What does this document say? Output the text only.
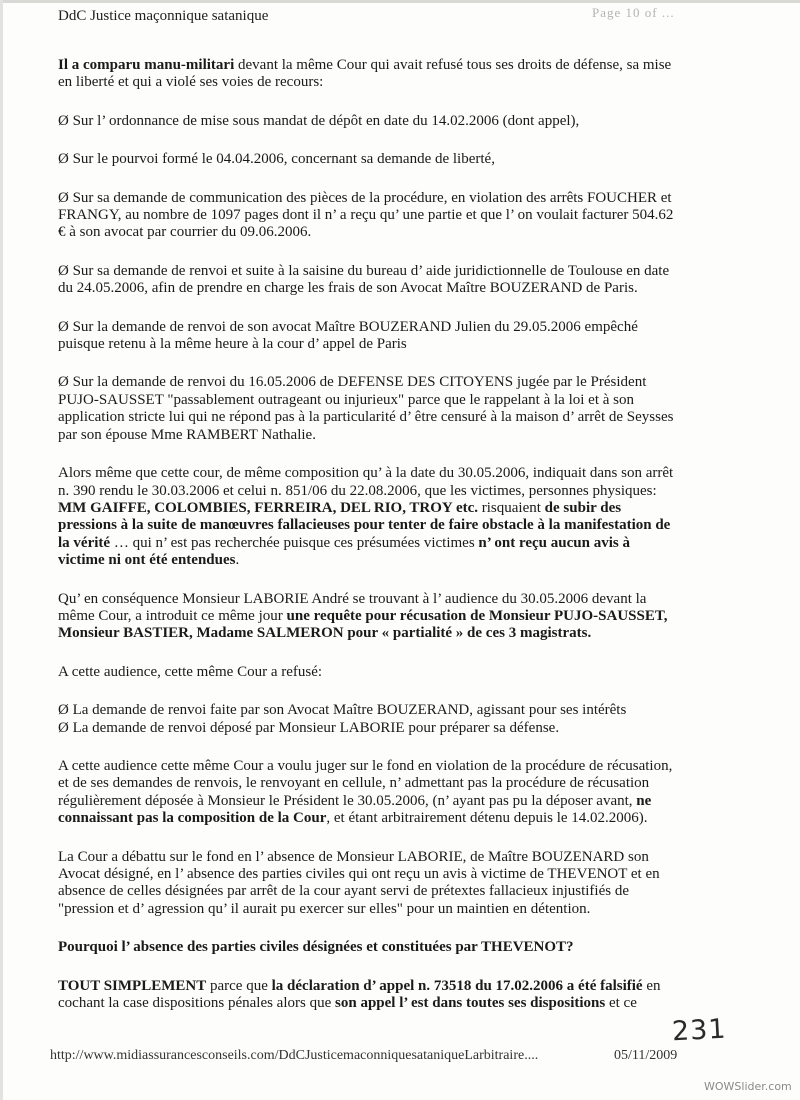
DdC Justice maçonnique satanique	Page 10 of ...

Il a comparu manu-militari devant la même Cour qui avait refusé tous ses droits de défense, sa mise en liberté et qui a violé ses voies de recours:

Ø Sur l’ ordonnance de mise sous mandat de dépôt en date du 14.02.2006 (dont appel),

Ø Sur le pourvoi formé le 04.04.2006, concernant sa demande de liberté,

Ø Sur sa demande de communication des pièces de la procédure, en violation des arrêts FOUCHER et FRANGY, au nombre de 1097 pages dont il n’ a reçu qu’ une partie et que l’ on voulait facturer 504.62 € à son avocat par courrier du 09.06.2006.

Ø Sur sa demande de renvoi et suite à la saisine du bureau d’ aide juridictionnelle de Toulouse en date du 24.05.2006, afin de prendre en charge les frais de son Avocat Maître BOUZERAND de Paris.

Ø Sur la demande de renvoi de son avocat Maître BOUZERAND Julien du 29.05.2006 empêché puisque retenu à la même heure à la cour d’ appel de Paris

Ø Sur la demande de renvoi du 16.05.2006 de DEFENSE DES CITOYENS jugée par le Président PUJO-SAUSSET "passablement outrageant ou injurieux" parce que le rappelant à la loi et à son application stricte lui qui ne répond pas à la particularité d’ être censuré à la maison d’ arrêt de Seysses par son épouse Mme RAMBERT Nathalie.

Alors même que cette cour, de même composition qu’ à la date du 30.05.2006, indiquait dans son arrêt n. 390 rendu le 30.03.2006 et celui n. 851/06 du 22.08.2006, que les victimes, personnes physiques: MM GAIFFE, COLOMBIES, FERREIRA, DEL RIO, TROY etc. risquaient de subir des pressions à la suite de manœuvres fallacieuses pour tenter de faire obstacle à la manifestation de la vérité … qui n’ est pas recherchée puisque ces présumées victimes n’ ont reçu aucun avis à victime ni ont été entendues.

Qu’ en conséquence Monsieur LABORIE André se trouvant à l’ audience du 30.05.2006 devant la même Cour, a introduit ce même jour une requête pour récusation de Monsieur PUJO-SAUSSET, Monsieur BASTIER, Madame SALMERON pour « partialité » de ces 3 magistrats.

A cette audience, cette même Cour a refusé:

Ø La demande de renvoi faite par son Avocat Maître BOUZERAND, agissant pour ses intérêts

Ø La demande de renvoi déposé par Monsieur LABORIE pour préparer sa défense.

A cette audience cette même Cour a voulu juger sur le fond en violation de la procédure de récusation, et de ses demandes de renvois, le renvoyant en cellule, n’ admettant pas la procédure de récusation régulièrement déposée à Monsieur le Président le 30.05.2006, (n’ ayant pas pu la déposer avant, ne connaissant pas la composition de la Cour, et étant arbitrairement détenu depuis le 14.02.2006).

La Cour a débattu sur le fond en l’ absence de Monsieur LABORIE, de Maître BOUZENARD son Avocat désigné, en l’ absence des parties civiles qui ont reçu un avis à victime de THEVENOT et en absence de celles désignées par arrêt de la cour ayant servi de prétextes fallacieux injustifiés de "pression et d’ agression qu’ il aurait pu exercer sur elles" pour un maintien en détention.

Pourquoi l’ absence des parties civiles désignées et constituées par THEVENOT?

TOUT SIMPLEMENT parce que la déclaration d’ appel n. 73518 du 17.02.2006 a été falsifié en cochant la case dispositions pénales alors que son appel l’ est dans toutes ses dispositions et ce

231
http://www.midiassurancesconseils.com/DdCJusticemaconniquesataniqueLarbitraire....	05/11/2009
WOWSlider.com
